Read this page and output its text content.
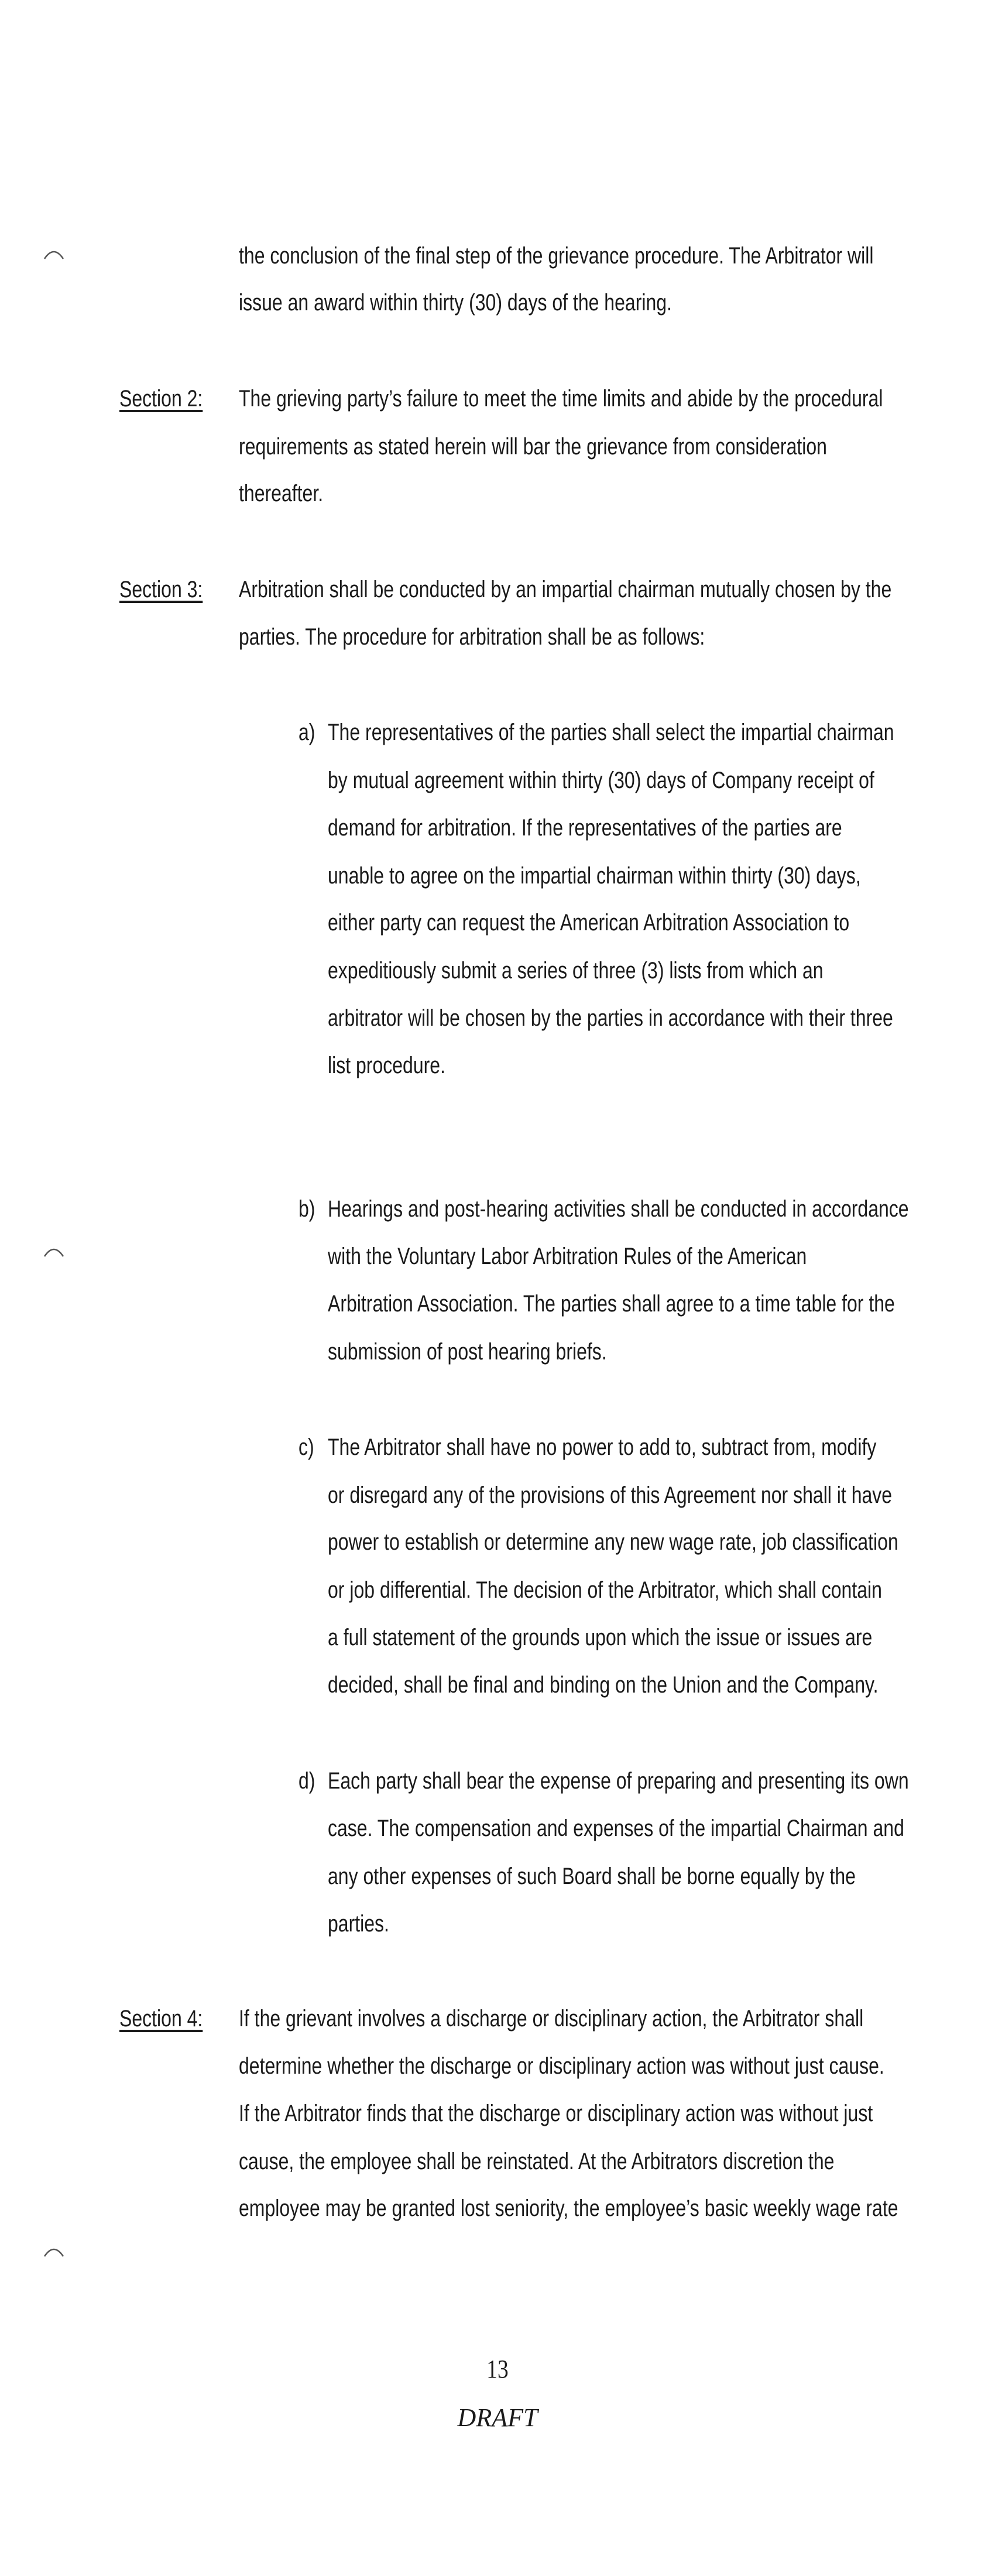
the conclusion of the final step of the grievance procedure. The Arbitrator will
issue an award within thirty (30) days of the hearing.
Section 2: The grieving party’s failure to meet the time limits and abide by the procedural
requirements as stated herein will bar the grievance from consideration
thereafter.
Section 3: Arbitration shall be conducted by an impartial chairman mutually chosen by the
parties. The procedure for arbitration shall be as follows:
a) The representatives of the parties shall select the impartial chairman
by mutual agreement within thirty (30) days of Company receipt of
demand for arbitration. If the representatives of the parties are
unable to agree on the impartial chairman within thirty (30) days,
either party can request the American Arbitration Association to
expeditiously submit a series of three (3) lists from which an
arbitrator will be chosen by the parties in accordance with their three
list procedure.
b) Hearings and post-hearing activities shall be conducted in accordance
with the Voluntary Labor Arbitration Rules of the American
Arbitration Association. The parties shall agree to a time table for the
submission of post hearing briefs.
c) The Arbitrator shall have no power to add to, subtract from, modify
or disregard any of the provisions of this Agreement nor shall it have
power to establish or determine any new wage rate, job classification
or job differential. The decision of the Arbitrator, which shall contain
a full statement of the grounds upon which the issue or issues are
decided, shall be final and binding on the Union and the Company.
d) Each party shall bear the expense of preparing and presenting its own
case. The compensation and expenses of the impartial Chairman and
any other expenses of such Board shall be borne equally by the
parties.
Section 4: If the grievant involves a discharge or disciplinary action, the Arbitrator shall
determine whether the discharge or disciplinary action was without just cause.
If the Arbitrator finds that the discharge or disciplinary action was without just
cause, the employee shall be reinstated. At the Arbitrators discretion the
employee may be granted lost seniority, the employee’s basic weekly wage rate
13
DRAFT
